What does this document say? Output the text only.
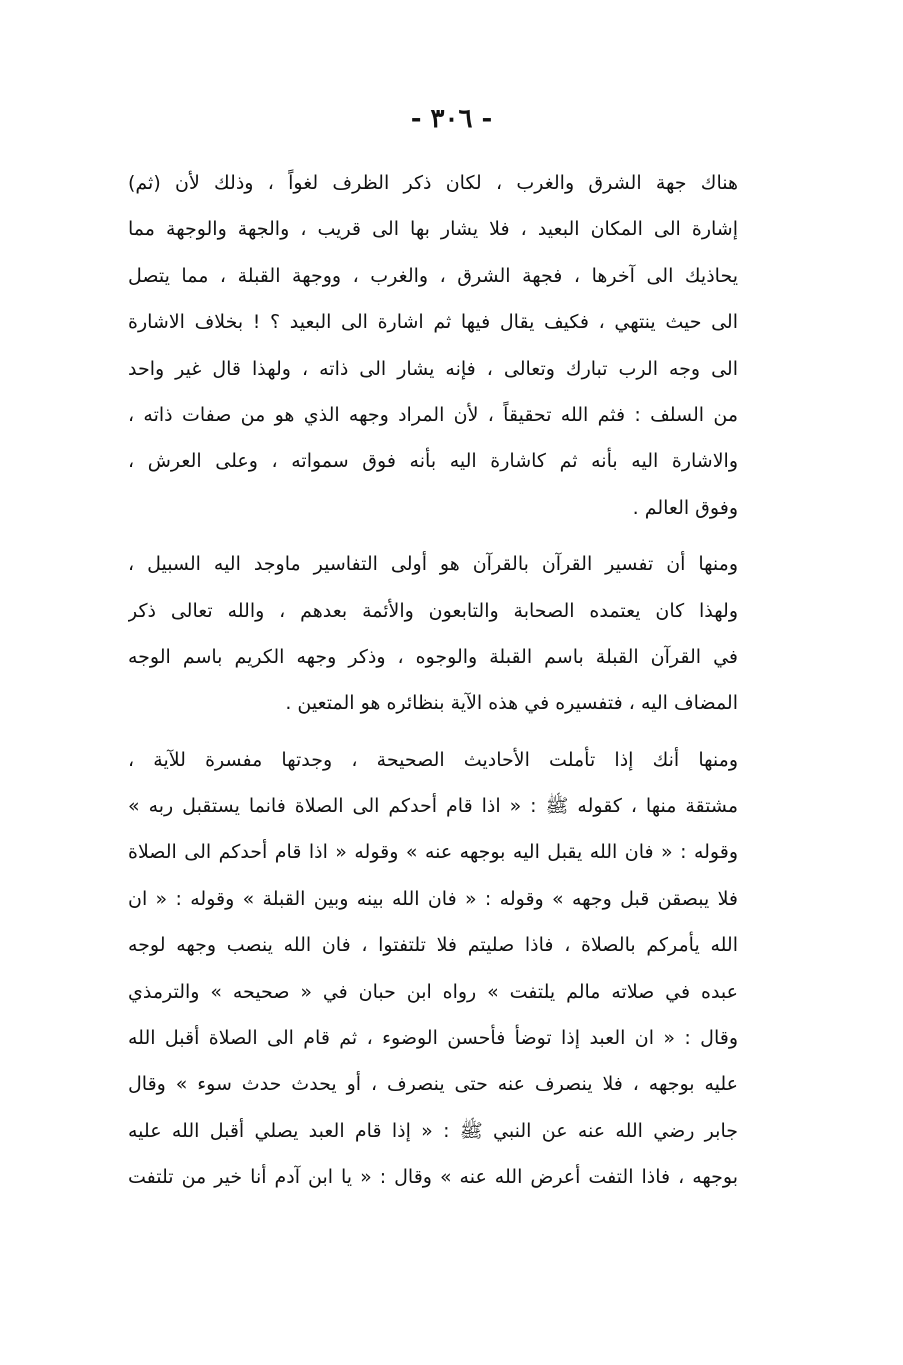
- ٣٠٦ -
هناك جهة الشرق والغرب ، لكان ذكر الظرف لغواً ، وذلك لأن (ثم)
إشارة الى المكان البعيد ، فلا يشار بها الى قريب ، والجهة والوجهة مما
يحاذيك الى آخرها ، فجهة الشرق ، والغرب ، ووجهة القبلة ، مما يتصل
الى حيث ينتهي ، فكيف يقال فيها ثم اشارة الى البعيد ؟ ! بخلاف الاشارة
الى وجه الرب تبارك وتعالى ، فإنه يشار الى ذاته ، ولهذا قال غير واحد
من السلف : فثم الله تحقيقاً ، لأن المراد وجهه الذي هو من صفات ذاته ،
والاشارة اليه بأنه ثم كاشارة اليه بأنه فوق سمواته ، وعلى العرش ،
وفوق العالم .
ومنها أن تفسير القرآن بالقرآن هو أولى التفاسير ماوجد اليه السبيل ،
ولهذا كان يعتمده الصحابة والتابعون والأئمة بعدهم ، والله تعالى ذكر
في القرآن القبلة باسم القبلة والوجوه ، وذكر وجهه الكريم باسم الوجه
المضاف اليه ، فتفسيره في هذه الآية بنظائره هو المتعين .
ومنها أنك إذا تأملت الأحاديث الصحيحة ، وجدتها مفسرة للآية ،
مشتقة منها ، كقوله ﷺ : « اذا قام أحدكم الى الصلاة فانما يستقبل ربه »
وقوله : « فان الله يقبل اليه بوجهه عنه » وقوله « اذا قام أحدكم الى الصلاة
فلا يبصقن قبل وجهه » وقوله : « فان الله بينه وبين القبلة » وقوله : « ان
الله يأمركم بالصلاة ، فاذا صليتم فلا تلتفتوا ، فان الله ينصب وجهه لوجه
عبده في صلاته مالم يلتفت » رواه ابن حبان في « صحيحه » والترمذي
وقال : « ان العبد إذا توضأ فأحسن الوضوء ، ثم قام الى الصلاة أقبل الله
عليه بوجهه ، فلا ينصرف عنه حتى ينصرف ، أو يحدث حدث سوء » وقال
جابر رضي الله عنه عن النبي ﷺ : « إذا قام العبد يصلي أقبل الله عليه
بوجهه ، فاذا التفت أعرض الله عنه » وقال : « يا ابن آدم أنا خير من تلتفت
